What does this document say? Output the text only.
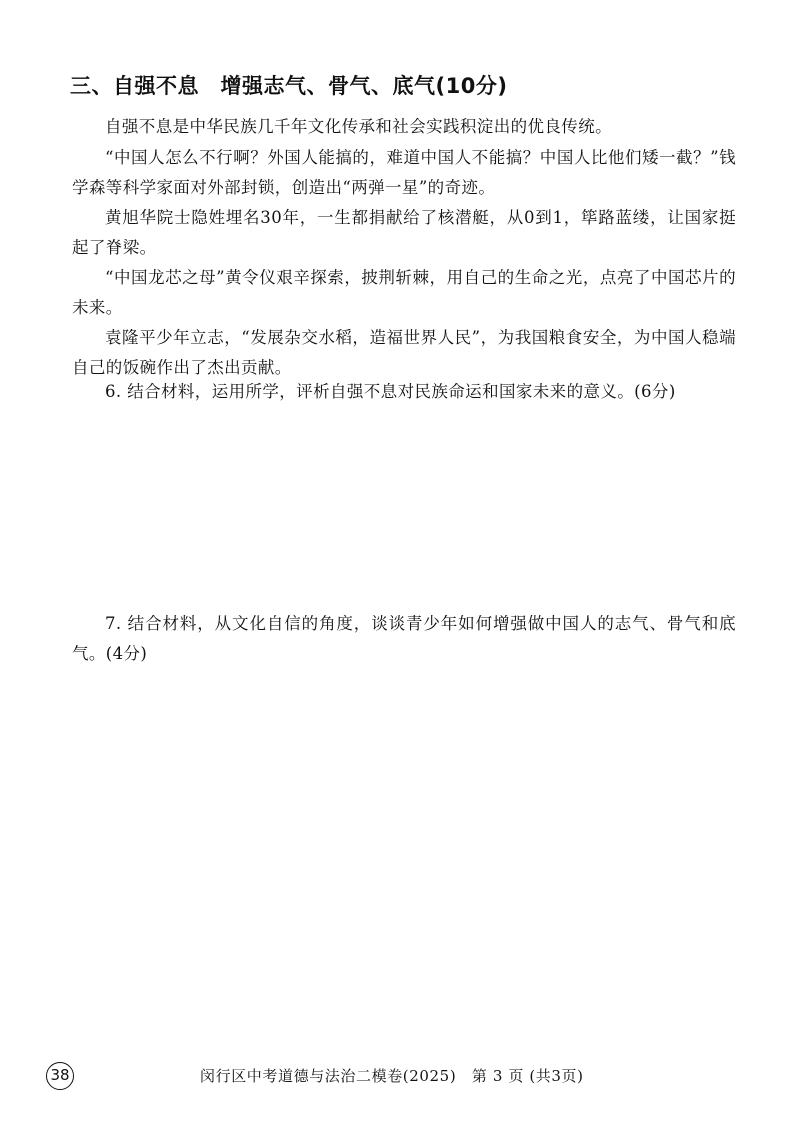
三、自强不息　增强志气、骨气、底气(10分)

自强不息是中华民族几千年文化传承和社会实践积淀出的优良传统。

“中国人怎么不行啊？外国人能搞的，难道中国人不能搞？中国人比他们矮一截？”钱学森等科学家面对外部封锁，创造出“两弹一星”的奇迹。

黄旭华院士隐姓埋名30年，一生都捐献给了核潜艇，从0到1，筚路蓝缕，让国家挺起了脊梁。

“中国龙芯之母”黄令仪艰辛探索，披荆斩棘，用自己的生命之光，点亮了中国芯片的未来。

袁隆平少年立志，“发展杂交水稻，造福世界人民”，为我国粮食安全，为中国人稳端自己的饭碗作出了杰出贡献。

6. 结合材料，运用所学，评析自强不息对民族命运和国家未来的意义。(6分)

7. 结合材料，从文化自信的角度，谈谈青少年如何增强做中国人的志气、骨气和底气。(4分)

38	闵行区中考道德与法治二模卷(2025)　第 3 页 (共3页)
